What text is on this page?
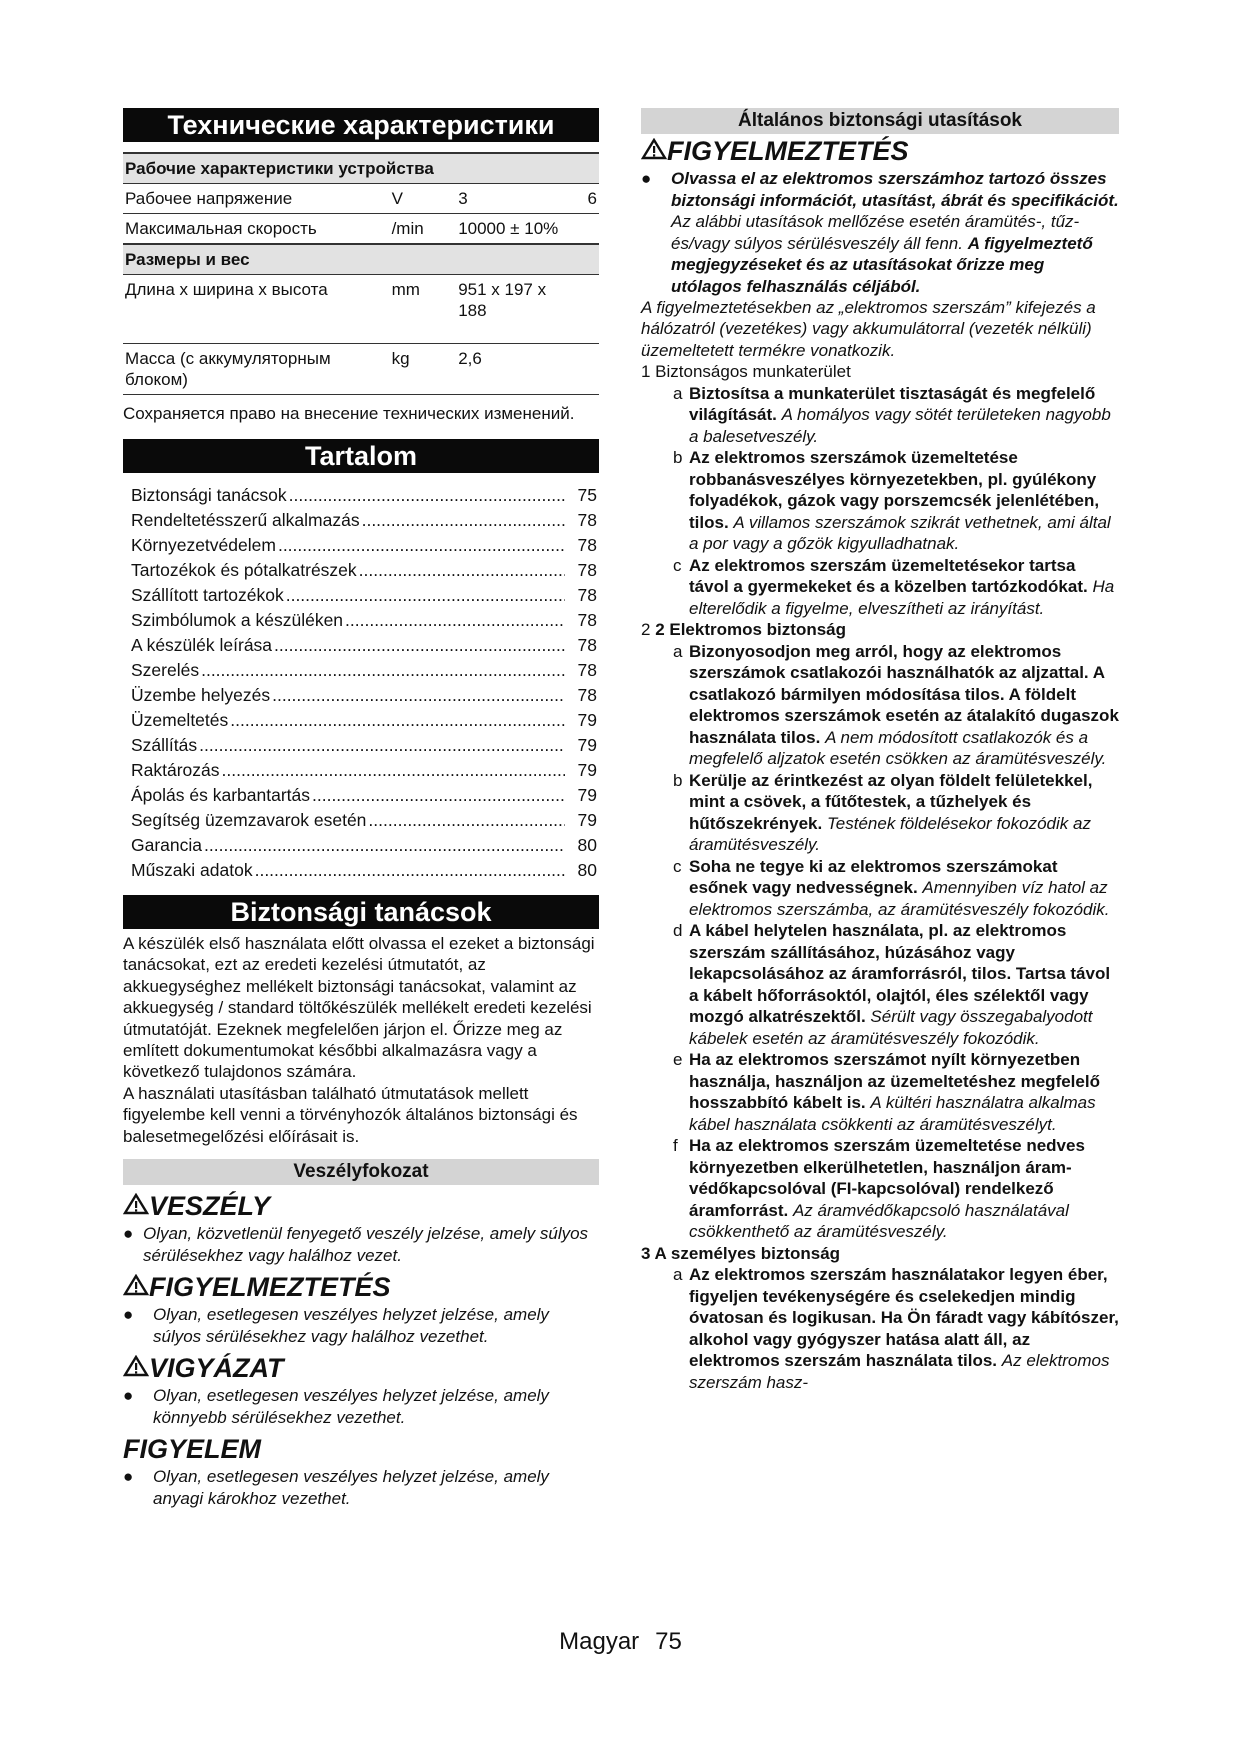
Технические характеристики
Рабочие характеристики устройства			
Рабочее напряжение	V	3	6
Максимальная скорость	/min	10000 ± 10%	
Размеры и вес			
Длина х ширина х высота	mm	951 x 197 x 188	
Масса (с аккумуляторным блоком)	kg	2,6	

Сохраняется право на внесение технических изменений.

Tartalom
Biztonsági tanácsok .....	75
Rendeltetésszerű alkalmazás .....	78
Környezetvédelem .....	78
Tartozékok és pótalkatrészek .....	78
Szállított tartozékok .....	78
Szimbólumok a készüléken .....	78
A készülék leírása .....	78
Szerelés .....	78
Üzembe helyezés .....	78
Üzemeltetés .....	79
Szállítás .....	79
Raktározás .....	79
Ápolás és karbantartás .....	79
Segítség üzemzavarok esetén .....	79
Garancia .....	80
Műszaki adatok .....	80
Biztonsági tanácsok

A készülék első használata előtt olvassa el ezeket a biztonsági tanácsokat, ezt az eredeti kezelési útmutatót, az akkuegységhez mellékelt biztonsági tanácsokat, valamint az akkuegység / standard töltőkészülék mellékelt eredeti kezelési útmutatóját. Ezeknek megfelelően járjon el. Őrizze meg az említett dokumentumokat későbbi alkalmazásra vagy a következő tulajdonos számára.

A használati utasításban található útmutatások mellett figyelembe kell venni a törvényhozók általános biztonsági és balesetmegelőzési előírásait is.

Veszélyfokozat
VESZÉLY
● Olyan, közvetlenül fenyegető veszély jelzése, amely súlyos sérülésekhez vagy halálhoz vezet.
FIGYELMEZTETÉS
●	Olyan, esetlegesen veszélyes helyzet jelzése, amely súlyos sérülésekhez vagy halálhoz vezethet.
VIGYÁZAT
●	Olyan, esetlegesen veszélyes helyzet jelzése, amely könnyebb sérülésekhez vezethet.
FIGYELEM
●	Olyan, esetlegesen veszélyes helyzet jelzése, amely anyagi károkhoz vezethet.
Általános biztonsági utasítások
FIGYELMEZTETÉS
●	Olvassa el az elektromos szerszámhoz tartozó összes biztonsági információt, utasítást, ábrát és specifikációt.
Az alábbi utasítások mellőzése esetén áramütés-, tűz- és/vagy súlyos sérülésveszély áll fenn. A figyelmeztető megjegyzéseket és az utasításokat őrizze meg utólagos felhasználás céljából.

A figyelmeztetésekben az „elektromos szerszám” kifejezés a hálózatról (vezetékes) vagy akkumulátorral (vezeték nélküli) üzemeltetett termékre vonatkozik.

1 Biztonságos munkaterület
a Biztosítsa a munkaterület tisztaságát és megfelelő világítását. A homályos vagy sötét területeken nagyobb a balesetveszély.
b Az elektromos szerszámok üzemeltetése robbanásveszélyes környezetekben, pl. gyúlékony folyadékok, gázok vagy porszemcsék jelenlétében, tilos. A villamos szerszámok szikrát vethetnek, ami által a por vagy a gőzök kigyulladhatnak.
c Az elektromos szerszám üzemeltetésekor tartsa távol a gyermekeket és a közelben tartózkodókat. Ha elterelődik a figyelme, elveszítheti az irányítást.
2 2 Elektromos biztonság
a Bizonyosodjon meg arról, hogy az elektromos szerszámok csatlakozói használhatók az aljzattal. A csatlakozó bármilyen módosítása tilos. A földelt elektromos szerszámok esetén az átalakító dugaszok használata tilos. A nem módosított csatlakozók és a megfelelő aljzatok esetén csökken az áramütésveszély.
b Kerülje az érintkezést az olyan földelt felületekkel, mint a csövek, a fűtőtestek, a tűzhelyek és hűtőszekrények. Testének földelésekor fokozódik az áramütésveszély.
c Soha ne tegye ki az elektromos szerszámokat esőnek vagy nedvességnek. Amennyiben víz hatol az elektromos szerszámba, az áramütésveszély fokozódik.
d A kábel helytelen használata, pl. az elektromos szerszám szállításához, húzásához vagy lekapcsolásához az áramforrásról, tilos. Tartsa távol a kábelt hőforrásoktól, olajtól, éles szélektől vagy mozgó alkatrészektől. Sérült vagy összegabalyodott kábelek esetén az áramütésveszély fokozódik.
e Ha az elektromos szerszámot nyílt környezetben használja, használjon az üzemeltetéshez megfelelő hosszabbító kábelt is. A kültéri használatra alkalmas kábel használata csökkenti az áramütésveszélyt.
f Ha az elektromos szerszám üzemeltetése nedves környezetben elkerülhetetlen, használjon áram-védőkapcsolóval (FI-kapcsolóval) rendelkező áramforrást. Az áramvédőkapcsoló használatával csökkenthető az áramütésveszély.
3 A személyes biztonság
a Az elektromos szerszám használatakor legyen éber, figyeljen tevékenységére és cselekedjen mindig óvatosan és logikusan. Ha Ön fáradt vagy kábítószer, alkohol vagy gyógyszer hatása alatt áll, az elektromos szerszám használata tilos. Az elektromos szerszám hasz-
Magyar 75
